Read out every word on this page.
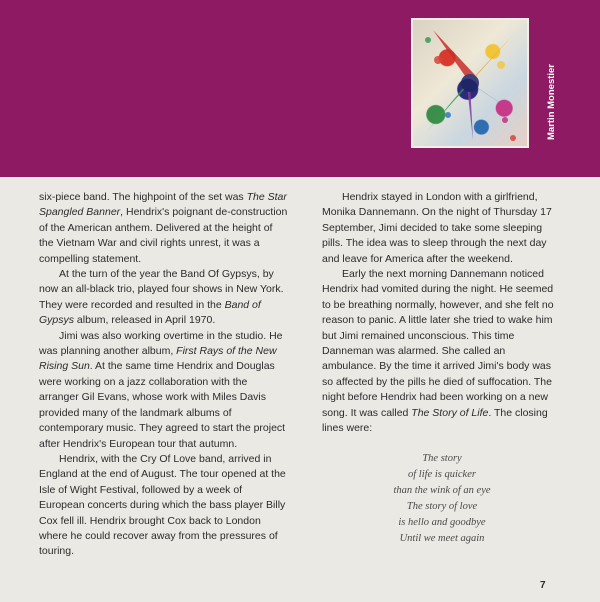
Martin Monestier

six-piece band. The highpoint of the set was The Star Spangled Banner, Hendrix's poignant de-construction of the American anthem. Delivered at the height of the Vietnam War and civil rights unrest, it was a compelling statement.

At the turn of the year the Band Of Gypsys, by now an all-black trio, played four shows in New York. They were recorded and resulted in the Band of Gypsys album, released in April 1970.

Jimi was also working overtime in the studio. He was planning another album, First Rays of the New Rising Sun. At the same time Hendrix and Douglas were working on a jazz collaboration with the arranger Gil Evans, whose work with Miles Davis provided many of the landmark albums of contemporary music. They agreed to start the project after Hendrix's European tour that autumn.

Hendrix, with the Cry Of Love band, arrived in England at the end of August. The tour opened at the Isle of Wight Festival, followed by a week of European concerts during which the bass player Billy Cox fell ill. Hendrix brought Cox back to London where he could recover away from the pressures of touring.

Hendrix stayed in London with a girlfriend, Monika Dannemann. On the night of Thursday 17 September, Jimi decided to take some sleeping pills. The idea was to sleep through the next day and leave for America after the weekend.

Early the next morning Dannemann noticed Hendrix had vomited during the night. He seemed to be breathing normally, however, and she felt no reason to panic. A little later she tried to wake him but Jimi remained unconscious. This time Danneman was alarmed. She called an ambulance. By the time it arrived Jimi's body was so affected by the pills he died of suffocation. The night before Hendrix had been working on a new song. It was called The Story of Life. The closing lines were:

The story
of life is quicker
than the wink of an eye
The story of love
is hello and goodbye
Until we meet again
7
